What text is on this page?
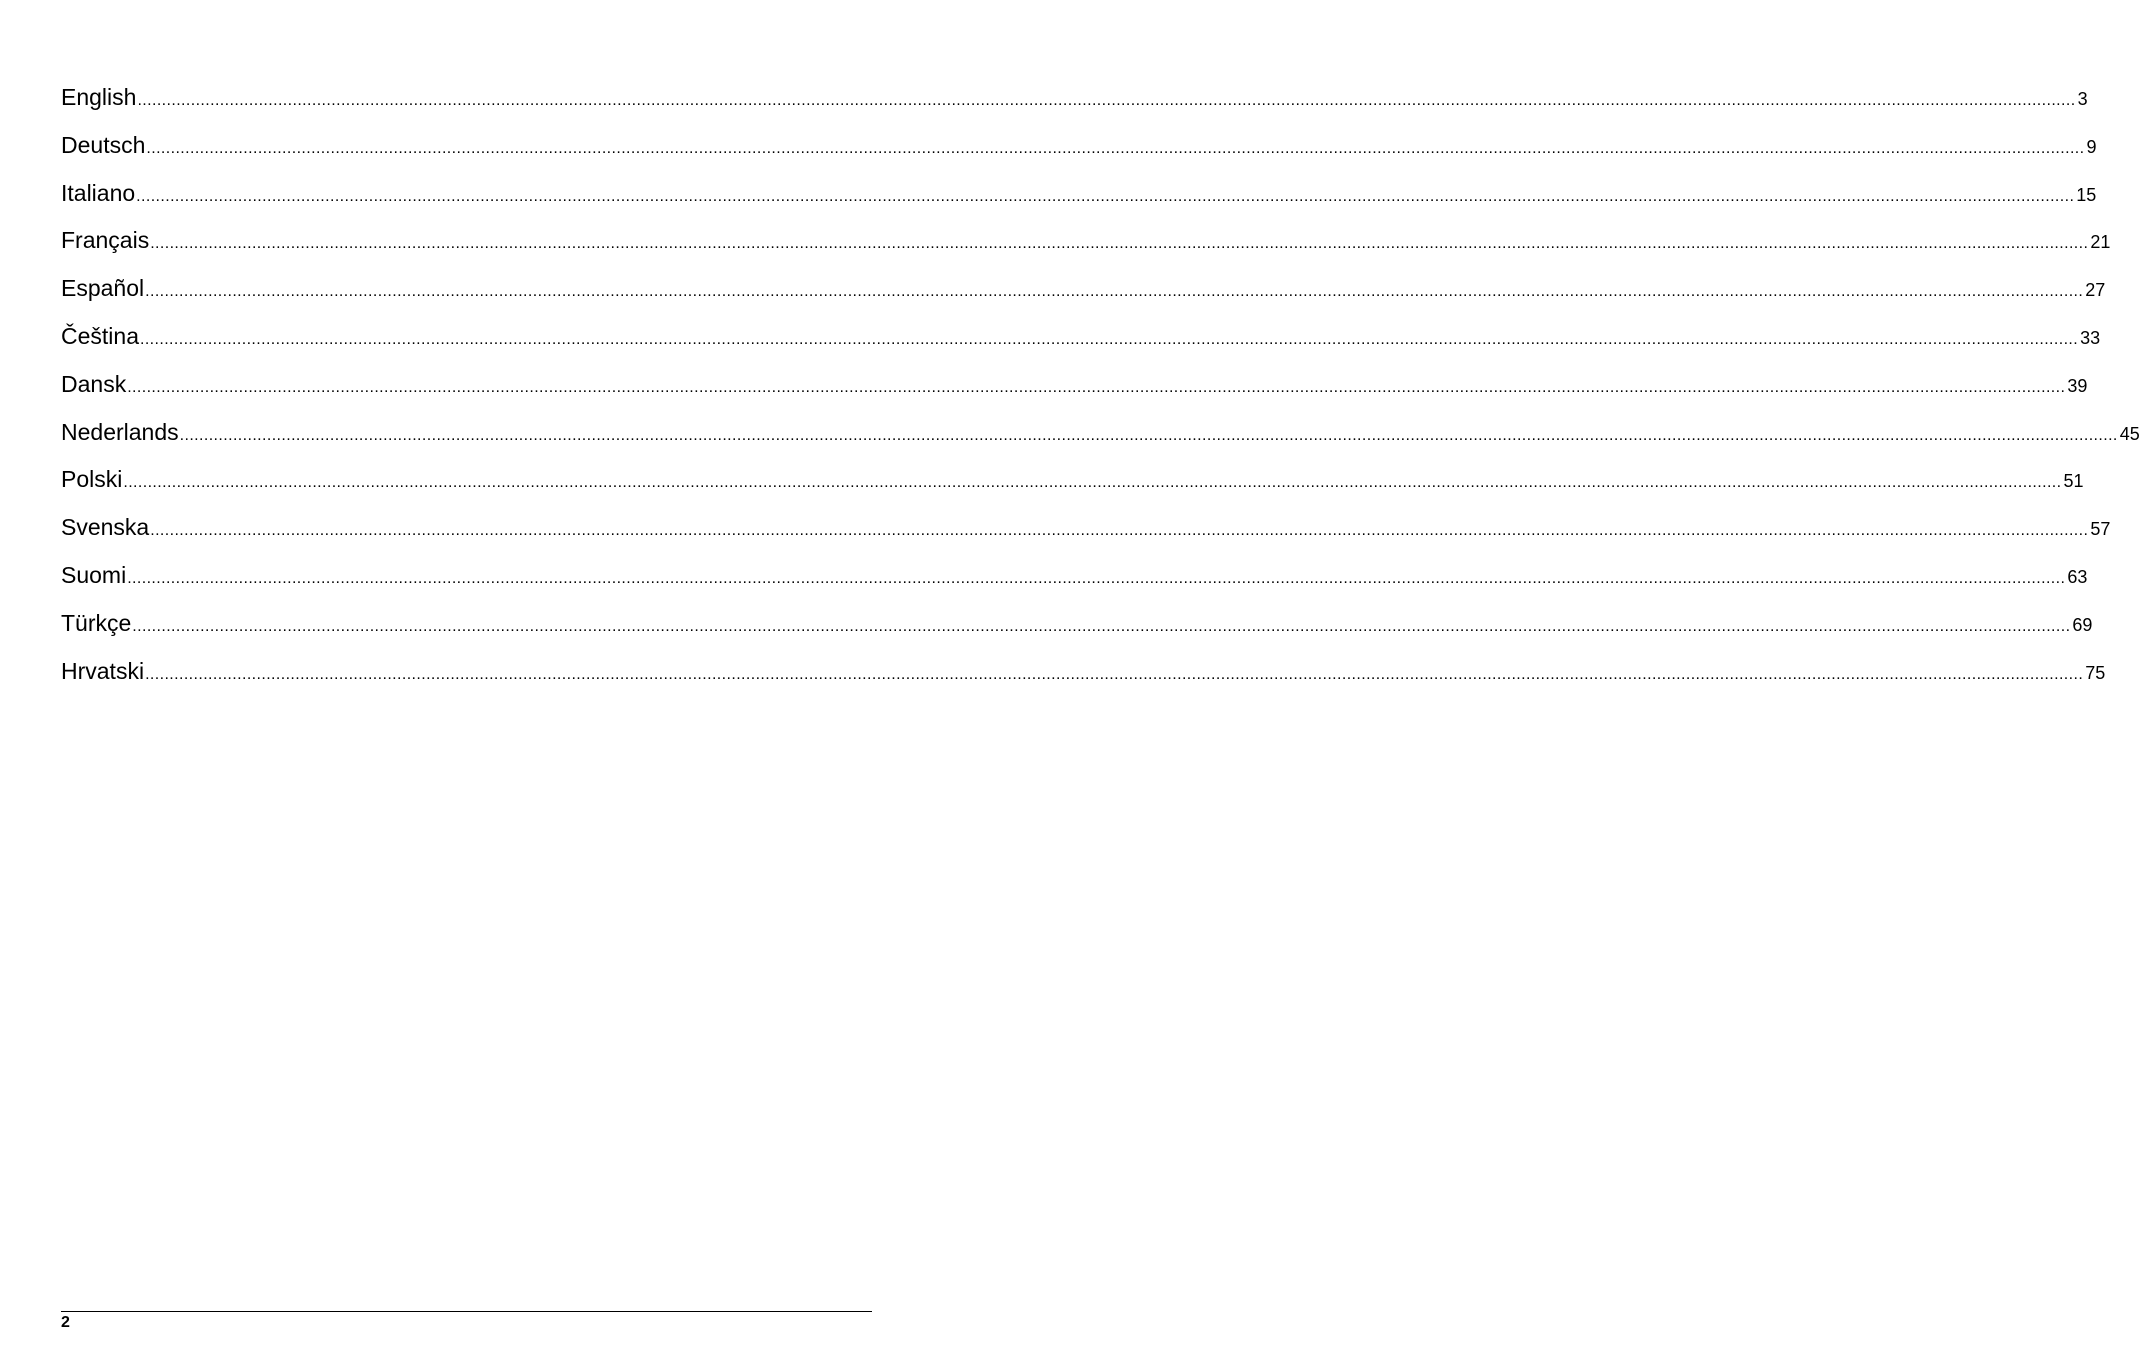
English ................................................................................................................................................................................................................................................................................................................................................................................................................ 3
Deutsch ................................................................................................................................................................................................................................................................................................................................................................................................................ 9
Italiano ................................................................................................................................................................................................................................................................................................................................................................................................................ 15
Français ................................................................................................................................................................................................................................................................................................................................................................................................................ 21
Español ................................................................................................................................................................................................................................................................................................................................................................................................................ 27
Čeština ................................................................................................................................................................................................................................................................................................................................................................................................................ 33
Dansk ................................................................................................................................................................................................................................................................................................................................................................................................................ 39
Nederlands ................................................................................................................................................................................................................................................................................................................................................................................................................ 45
Polski ................................................................................................................................................................................................................................................................................................................................................................................................................ 51
Svenska ................................................................................................................................................................................................................................................................................................................................................................................................................ 57
Suomi ................................................................................................................................................................................................................................................................................................................................................................................................................ 63
Türkçe ................................................................................................................................................................................................................................................................................................................................................................................................................ 69
Hrvatski ................................................................................................................................................................................................................................................................................................................................................................................................................ 75
2
